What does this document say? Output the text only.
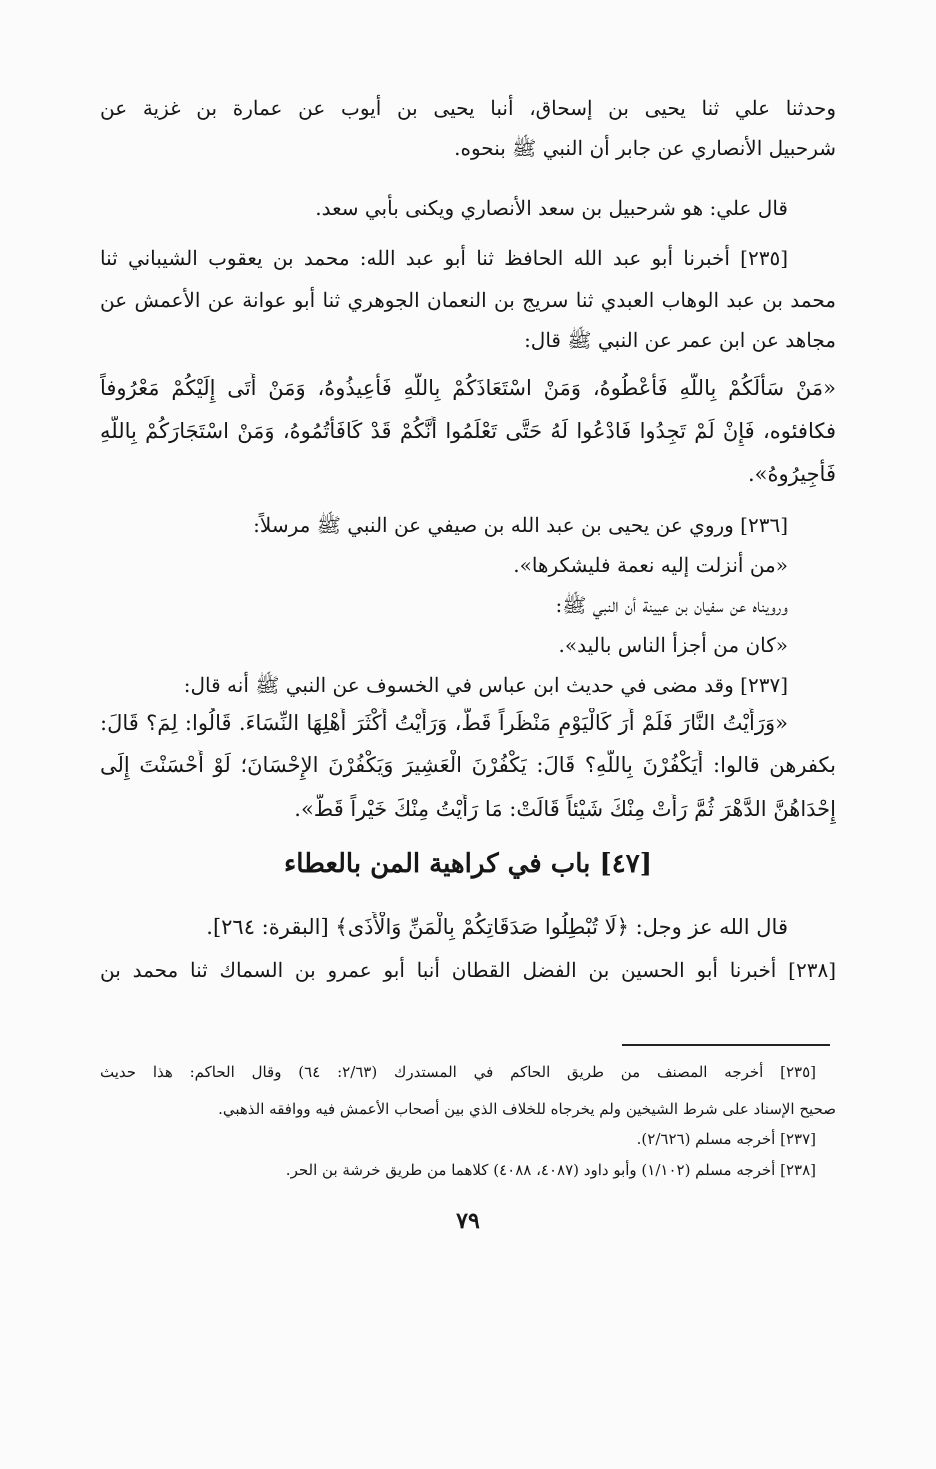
وحدثنا علي ثنا يحيى بن إسحاق، أنبا يحيى بن أيوب عن عمارة بن غزية عن
شرحبيل الأنصاري عن جابر أن النبي ﷺ بنحوه.
قال علي: هو شرحبيل بن سعد الأنصاري ويكنى بأبي سعد.
[٢٣٥] أخبرنا أبو عبد الله الحافظ ثنا أبو عبد الله: محمد بن يعقوب الشيباني ثنا
محمد بن عبد الوهاب العبدي ثنا سريج بن النعمان الجوهري ثنا أبو عوانة عن الأعمش عن
مجاهد عن ابن عمر عن النبي ﷺ قال:
«مَنْ سَأَلَكُمْ بِاللَّهِ فَأَعْطُوهُ، وَمَنْ اسْتَعَاذَكُمْ بِاللَّهِ فَأَعِيذُوهُ، وَمَنْ أَتَى إِلَيْكُمْ مَعْرُوفاً
فكافئوه، فَإِنْ لَمْ تَجِدُوا فَادْعُوا لَهُ حَتَّى تَعْلَمُوا أَنَّكُمْ قَدْ كَافَأْتُمُوهُ، وَمَنْ اسْتَجَارَكُمْ بِاللَّهِ
فَأَجِيرُوهُ».
[٢٣٦] وروي عن يحيى بن عبد الله بن صيفي عن النبي ﷺ مرسلاً:
«من أنزلت إليه نعمة فليشكرها».
ورويناه عن سفيان بن عيينة أن النبي ﷺ:
«كان من أجزأ الناس باليد».
[٢٣٧] وقد مضى في حديث ابن عباس في الخسوف عن النبي ﷺ أنه قال:
«وَرَأَيْتُ النَّارَ فَلَمْ أَرَ كَالْيَوْمِ مَنْظَراً قَطُّ، وَرَأَيْتُ أَكْثَرَ أَهْلِهَا النِّسَاءَ. قَالُوا: لِمَ؟ قَالَ:
بكفرهن قالوا: أَيَكْفُرْنَ بِاللَّهِ؟ قَالَ: يَكْفُرْنَ الْعَشِيرَ وَيَكْفُرْنَ الإِحْسَانَ؛ لَوْ أَحْسَنْتَ إِلَى
إِحْدَاهُنَّ الدَّهْرَ ثُمَّ رَأَتْ مِنْكَ شَيْئاً قَالَتْ: مَا رَأَيْتُ مِنْكَ خَيْراً قَطُّ».
[٤٧] باب في كراهية المن بالعطاء
قال الله عز وجل: ﴿لَا تُبْطِلُوا صَدَقَاتِكُمْ بِالْمَنِّ وَالْأَذَى﴾ [البقرة: ٢٦٤].
[٢٣٨] أخبرنا أبو الحسين بن الفضل القطان أنبا أبو عمرو بن السماك ثنا محمد بن
[٢٣٥] أخرجه المصنف من طريق الحاكم في المستدرك (٢/٦٣: ٦٤) وقال الحاكم: هذا حديث
صحيح الإسناد على شرط الشيخين ولم يخرجاه للخلاف الذي بين أصحاب الأعمش فيه ووافقه الذهبي.
[٢٣٧] أخرجه مسلم (٢/٦٢٦).
[٢٣٨] أخرجه مسلم (١/١٠٢) وأبو داود (٤٠٨٧، ٤٠٨٨) كلاهما من طريق خرشة بن الحر.
٧٩
